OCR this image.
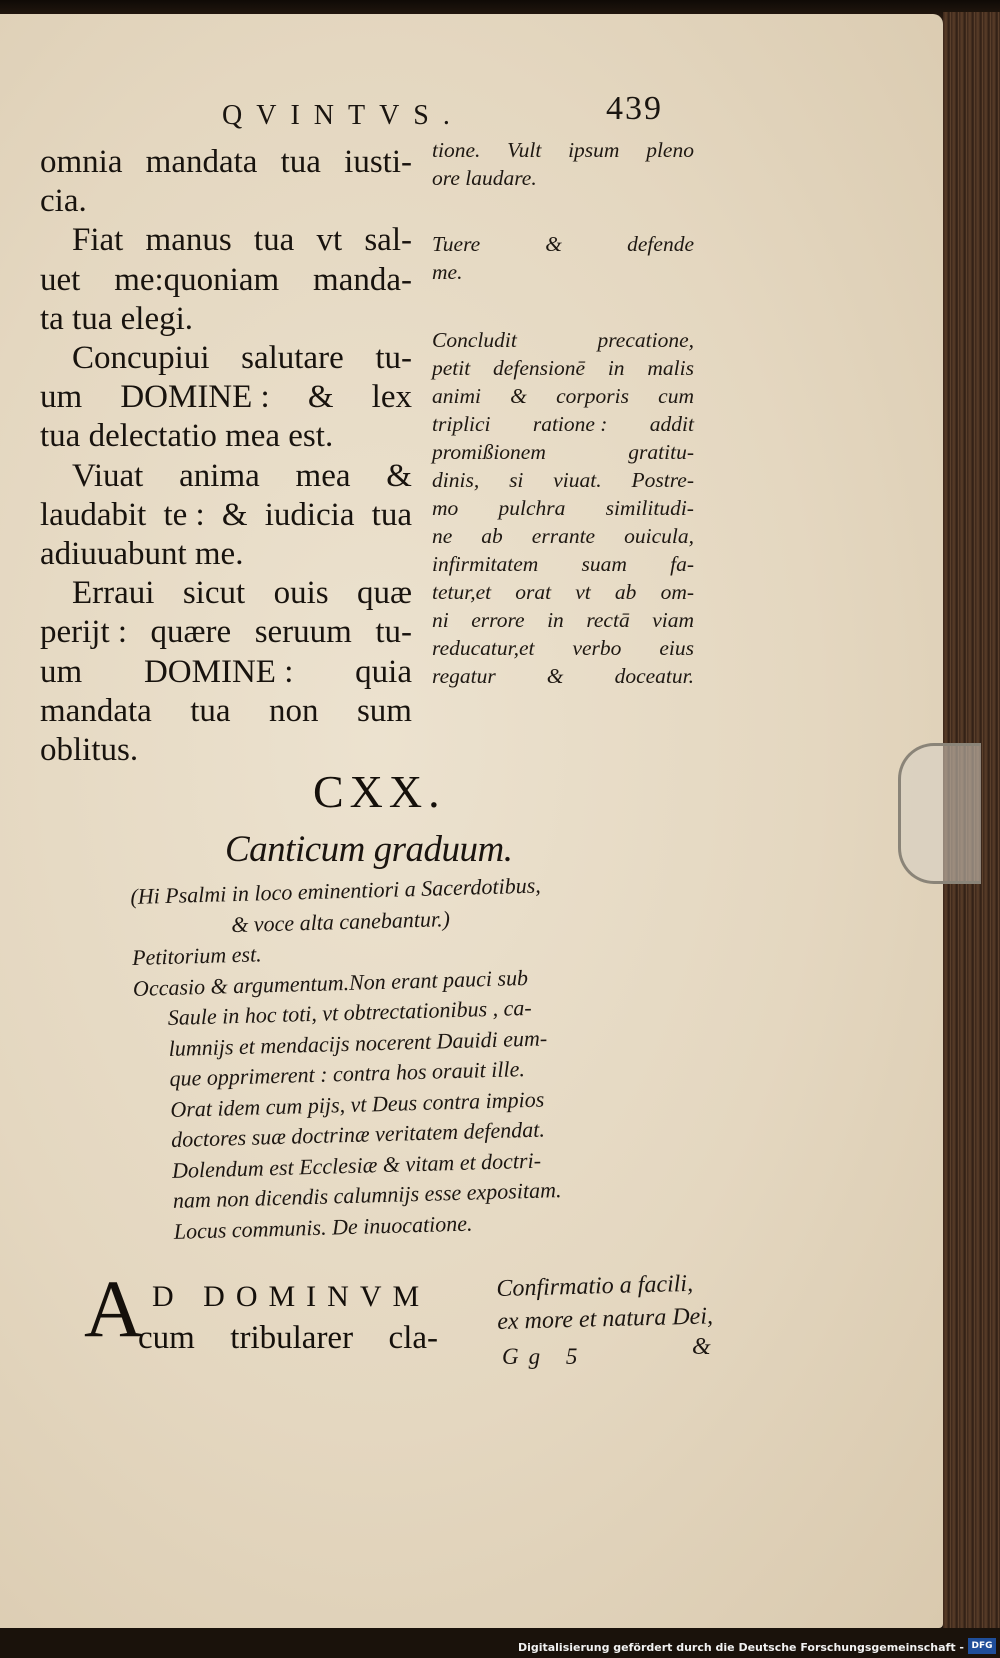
QVINTVS.	439
omnia mandata tua iusti-
cia.
Fiat manus tua vt sal-
uet me:quoniam manda-
ta tua elegi.
Concupiui salutare tu-
um DOMINE : & lex
tua delectatio mea est.
Viuat anima mea &
laudabit te : & iudicia tua
adiuuabunt me.
Erraui sicut ouis quæ
perijt : quære seruum tu-
um DOMINE : quia
mandata tua non sum
oblitus.
tione. Vult ipsum pleno
ore laudare.
Tuere	&	defende
me.
Concludit	precatione,
petit defensionē in malis
animi & corporis cum
triplici ratione : addit
promißionem	gratitu-
dinis, si viuat. Postre-
mo pulchra similitudi-
ne ab errante ouicula,
infirmitatem suam fa-
tetur,et orat vt ab om-
ni errore in rectā viam
reducatur,et verbo eius
regatur & doceatur.
CXX.
Canticum graduum.
(Hi Psalmi in loco eminentiori a Sacerdotibus,
& voce alta canebantur.)
Petitorium est.
Occasio & argumentum.Non erant pauci sub
Saule in hoc toti, vt obtrectationibus , ca-
lumnijs et mendacijs nocerent Dauidi eum-
que opprimerent : contra hos orauit ille.
Orat idem cum pijs, vt Deus contra impios
doctores suæ doctrinæ veritatem defendat.
Dolendum est Ecclesiæ & vitam et doctri-
nam non dicendis calumnijs esse expositam.
Locus communis. De inuocatione.
A D DOMINVM
cum tribularer cla-
Confirmatio a facili,
ex more et natura Dei,
Gg 5	&
Digitalisierung gefördert durch die Deutsche Forschungsgemeinschaft - DFG
